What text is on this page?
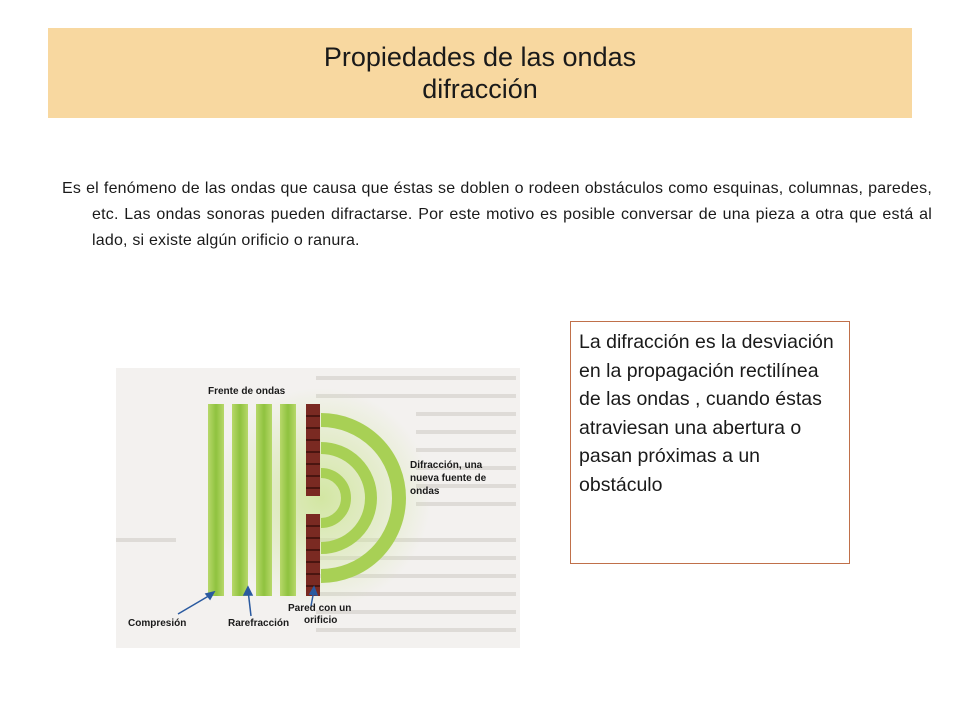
Propiedades de las ondas
difracción
Es el fenómeno de las ondas que causa que éstas se doblen o rodeen obstáculos como esquinas, columnas, paredes, etc. Las ondas sonoras pueden difractarse. Por este motivo es posible conversar de una pieza a otra que está al lado, si existe algún orificio o ranura.
Frente de ondas
Difracción, una
nueva fuente de
ondas
Compresión	Rarefracción
Pared con un
orificio
La difracción es la desviación en la propagación rectilínea de las ondas , cuando éstas atraviesan una abertura o pasan próximas a un obstáculo
